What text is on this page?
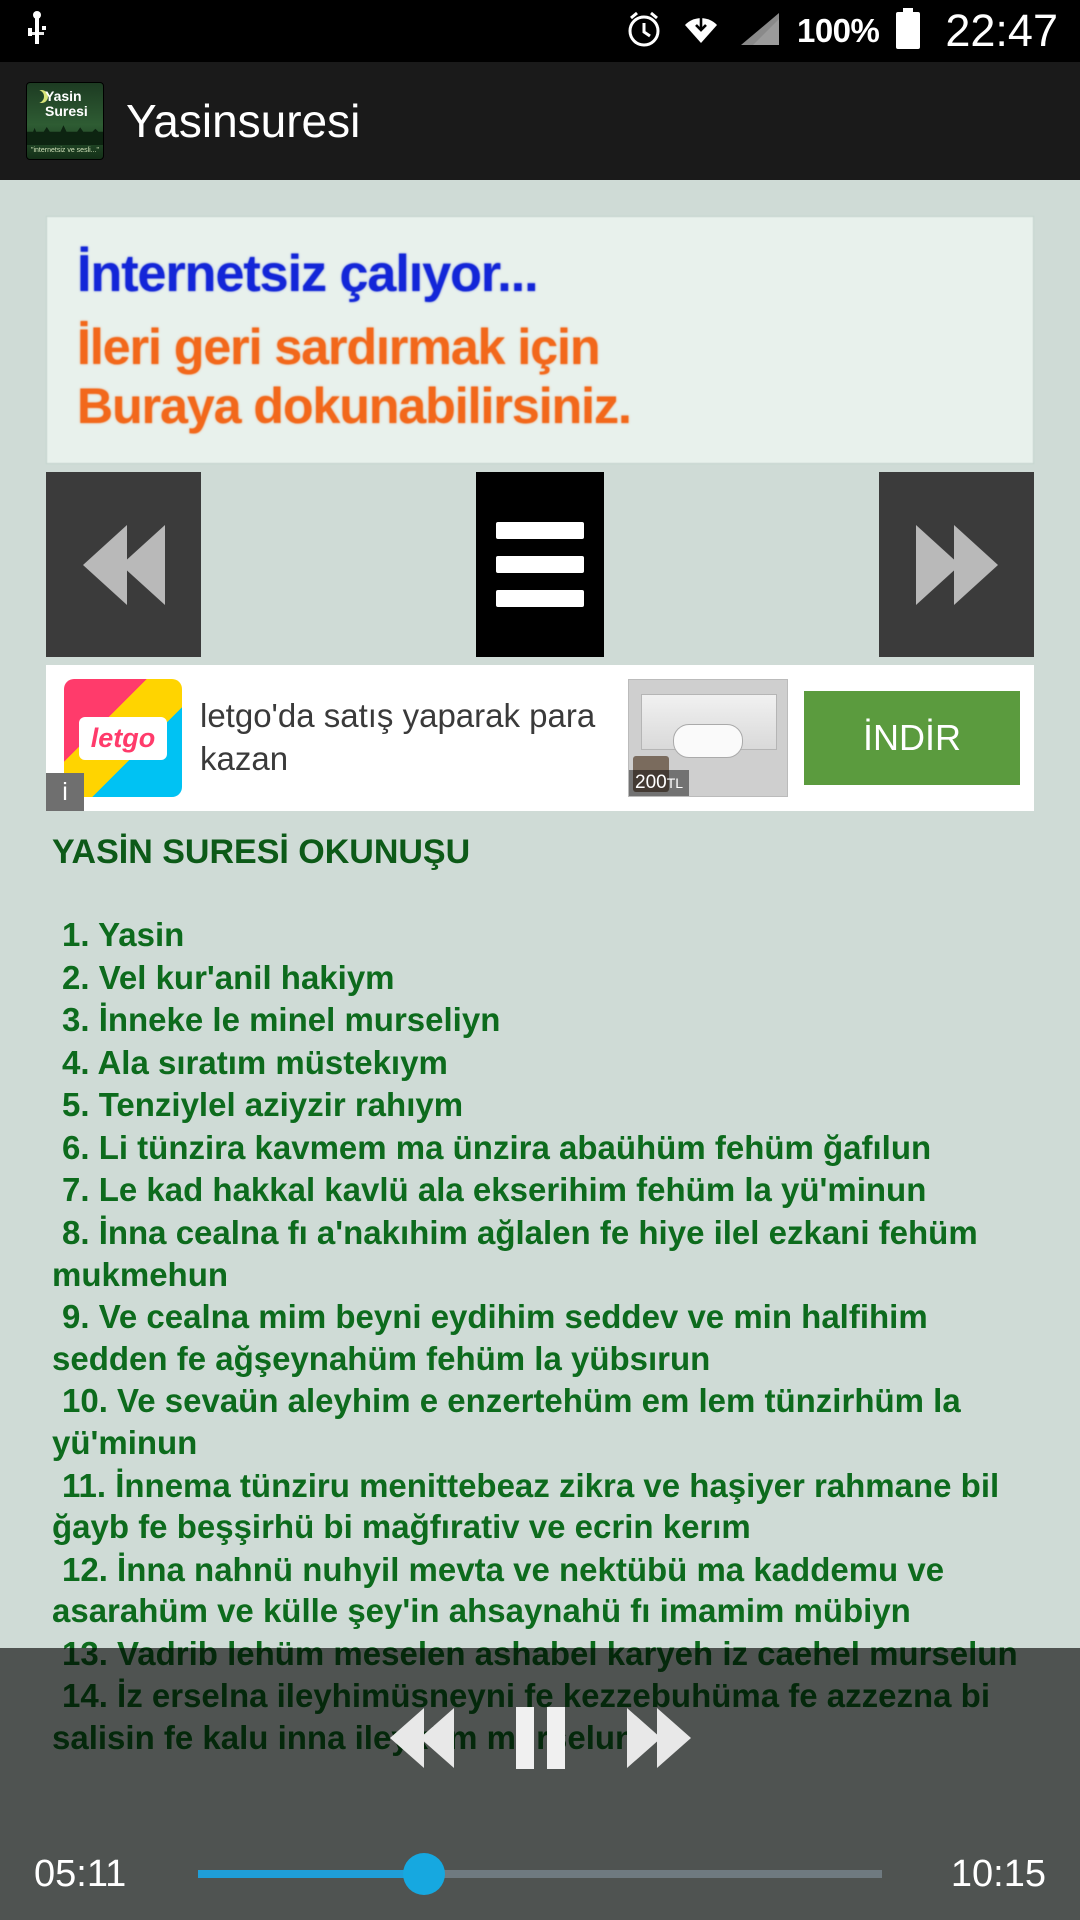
100% 22:47
Yasin
Suresi
"internetsiz ve sesli..."
Yasinsuresi
İnternetsiz çalıyor...
İleri geri sardırmak için
Buraya dokunabilirsiniz.
letgo
letgo'da satış yaparak para kazan
200TL
İNDİR
i
YASİN SURESİ OKUNUŞU
1. Yasin
2. Vel kur'anil hakiym
3. İnneke le minel murseliyn
4. Ala sıratım müstekıym
5. Tenziylel aziyzir rahıym
6. Li tünzira kavmem ma ünzira abaühüm fehüm ğafılun
7. Le kad hakkal kavlü ala ekserihim fehüm la yü'minun
8. İnna cealna fı a'nakıhim ağlalen fe hiye ilel ezkani fehüm mukmehun
9. Ve cealna mim beyni eydihim seddev ve min halfihim sedden fe ağşeynahüm fehüm la yübsırun
10. Ve sevaün aleyhim e enzertehüm em lem tünzirhüm la yü'minun
11. İnnema tünziru menittebeaz zikra ve haşiyer rahmane bil ğayb fe beşşirhü bi mağfırativ ve ecrin kerım
12. İnna nahnü nuhyil mevta ve nektübü ma kaddemu ve asarahüm ve külle şey'in ahsaynahü fı imamim mübiyn
05:11	10:15
